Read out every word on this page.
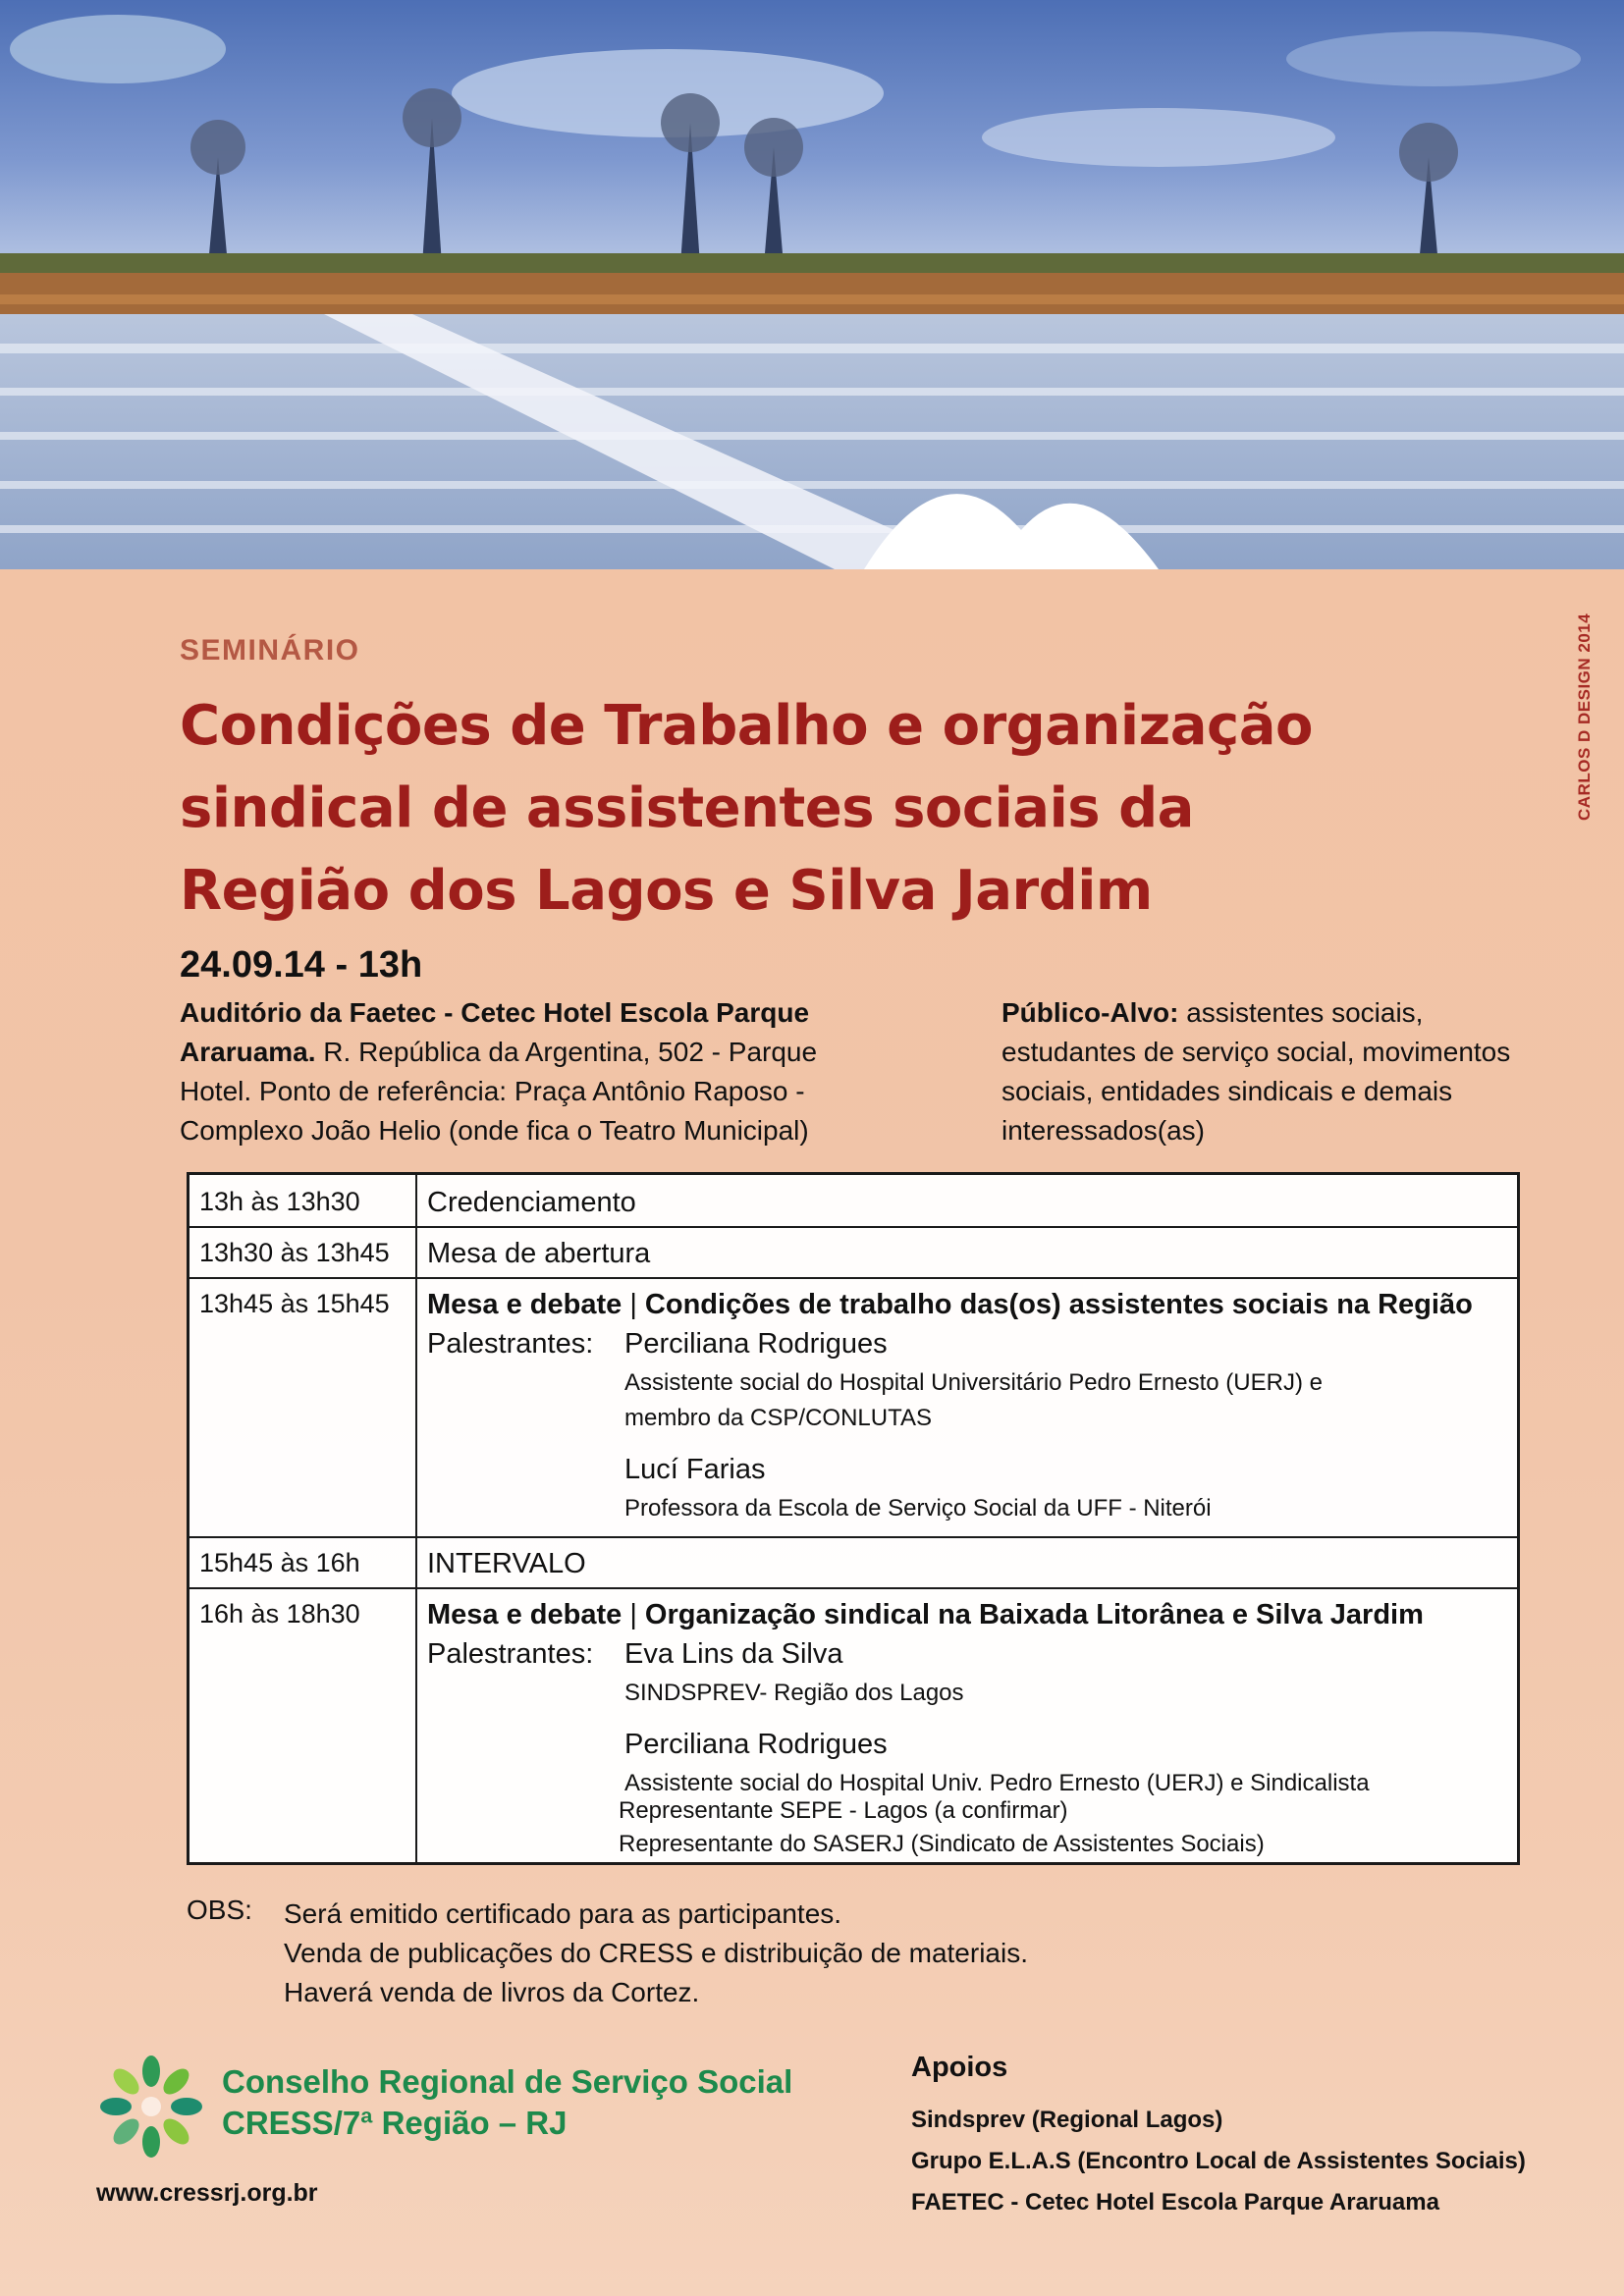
CARLOS D DESIGN 2014
SEMINÁRIO
Condições de Trabalho e organização
sindical de assistentes sociais da
Região dos Lagos e Silva Jardim
24.09.14 - 13h
Auditório da Faetec - Cetec Hotel Escola Parque
Araruama. R. República da Argentina, 502 - Parque
Hotel. Ponto de referência: Praça Antônio Raposo -
Complexo João Helio (onde fica o Teatro Municipal)
Público-Alvo: assistentes sociais,
estudantes de serviço social, movimentos
sociais, entidades sindicais e demais
interessados(as)
13h às 13h30 Credenciamento
13h30 às 13h45 Mesa de abertura
13h45 às 15h45 Mesa e debate | Condições de trabalho das(os) assistentes sociais na Região
Palestrantes: Perciliana Rodrigues
Assistente social do Hospital Universitário Pedro Ernesto (UERJ) e
membro da CSP/CONLUTAS
Lucí Farias
Professora da Escola de Serviço Social da UFF - Niterói
15h45 às 16h INTERVALO
16h às 18h30 Mesa e debate | Organização sindical na Baixada Litorânea e Silva Jardim
Palestrantes: Eva Lins da Silva
SINDSPREV- Região dos Lagos
Perciliana Rodrigues
Assistente social do Hospital Univ. Pedro Ernesto (UERJ) e Sindicalista
Representante SEPE - Lagos (a confirmar)
Representante do SASERJ (Sindicato de Assistentes Sociais)
OBS: Será emitido certificado para as participantes.
Venda de publicações do CRESS e distribuição de materiais.
Haverá venda de livros da Cortez.
Conselho Regional de Serviço Social
CRESS/7ª Região – RJ
www.cressrj.org.br
Apoios
Sindsprev (Regional Lagos)
Grupo E.L.A.S (Encontro Local de Assistentes Sociais)
FAETEC - Cetec Hotel Escola Parque Araruama
